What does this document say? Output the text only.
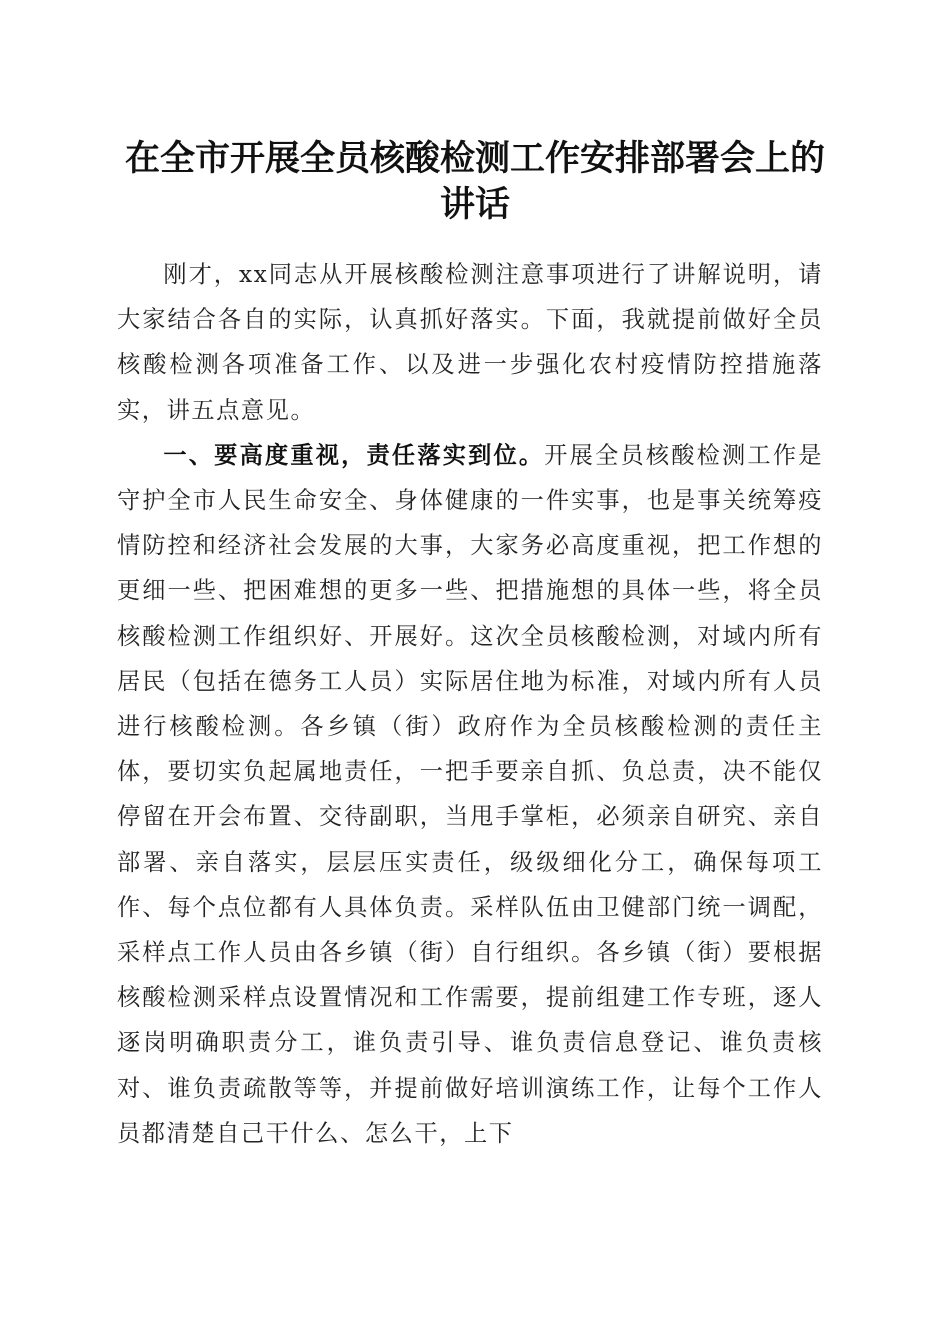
在全市开展全员核酸检测工作安排部署会上的
讲话

刚才，xx同志从开展核酸检测注意事项进行了讲解说明，请大家结合各自的实际，认真抓好落实。下面，我就提前做好全员核酸检测各项准备工作、以及进一步强化农村疫情防控措施落实，讲五点意见。

一、要高度重视，责任落实到位。开展全员核酸检测工作是守护全市人民生命安全、身体健康的一件实事，也是事关统筹疫情防控和经济社会发展的大事，大家务必高度重视，把工作想的更细一些、把困难想的更多一些、把措施想的具体一些，将全员核酸检测工作组织好、开展好。这次全员核酸检测，对域内所有居民（包括在德务工人员）实际居住地为标准，对域内所有人员进行核酸检测。各乡镇（街）政府作为全员核酸检测的责任主体，要切实负起属地责任，一把手要亲自抓、负总责，决不能仅停留在开会布置、交待副职，当甩手掌柜，必须亲自研究、亲自部署、亲自落实，层层压实责任，级级细化分工，确保每项工作、每个点位都有人具体负责。采样队伍由卫健部门统一调配，采样点工作人员由各乡镇（街）自行组织。各乡镇（街）要根据核酸检测采样点设置情况和工作需要，提前组建工作专班，逐人逐岗明确职责分工，谁负责引导、谁负责信息登记、谁负责核对、谁负责疏散等等，并提前做好培训演练工作，让每个工作人员都清楚自己干什么、怎么干，上下
